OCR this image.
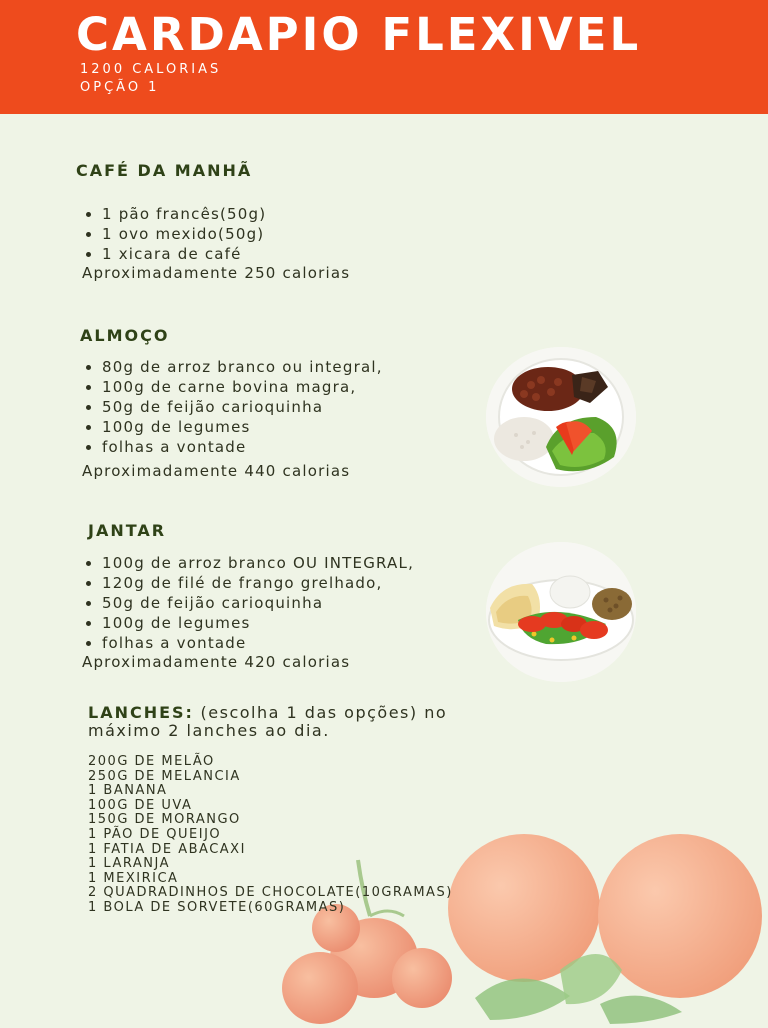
CARDAPIO FLEXIVEL
1200 CALORIAS
OPÇÃO 1
CAFÉ DA MANHÃ
1 pão francês(50g)
1 ovo mexido(50g)
1 xicara de café
Aproximadamente 250 calorias
ALMOÇO
80g de arroz branco ou integral,
100g de carne bovina magra,
50g de feijão carioquinha
100g de legumes
folhas a vontade
Aproximadamente 440 calorias
JANTAR
100g de arroz branco OU INTEGRAL,
120g de filé de frango grelhado,
50g de feijão carioquinha
100g de legumes
folhas a vontade
Aproximadamente 420 calorias
LANCHES: (escolha 1 das opções) no máximo 2 lanches ao dia.
200G DE MELÃO
250G DE MELANCIA
1 BANANA
100G DE UVA
150G DE MORANGO
1 PÃO DE QUEIJO
1 FATIA DE ABACAXI
1 LARANJA
1 MEXIRICA
2 QUADRADINHOS DE CHOCOLATE(10GRAMAS)
1 BOLA DE SORVETE(60GRAMAS)
